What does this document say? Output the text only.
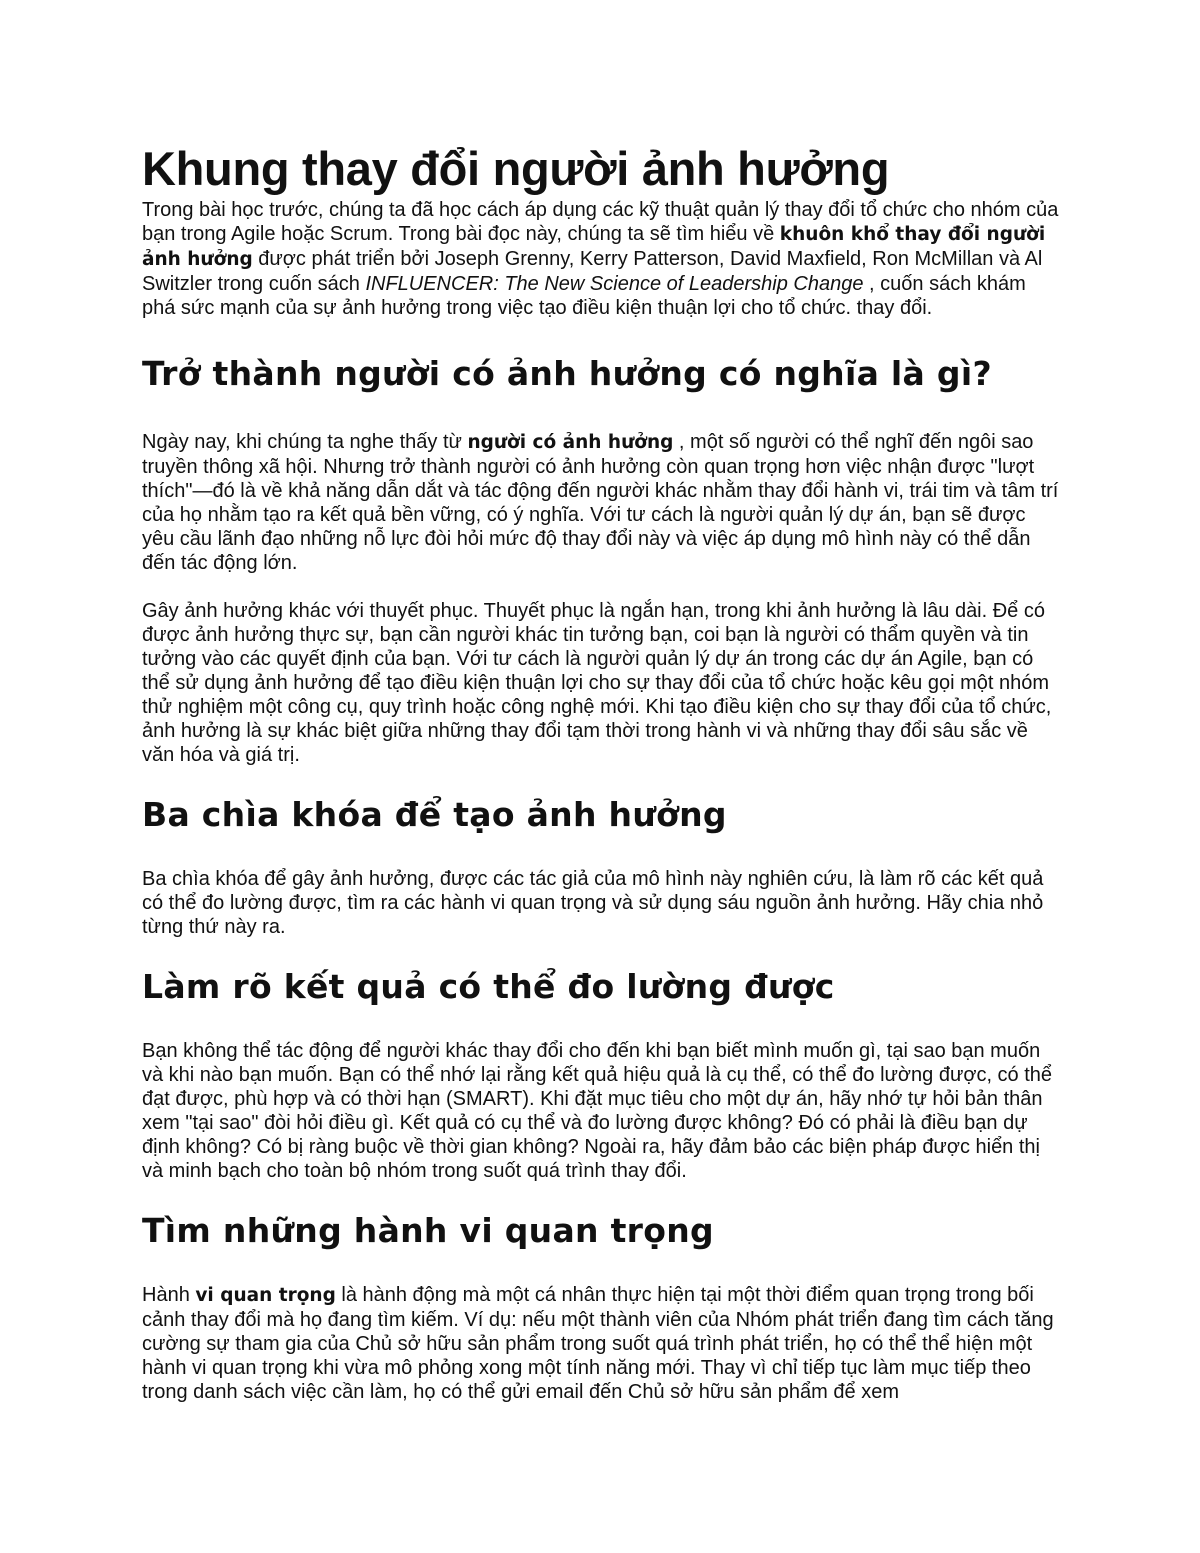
Khung thay đổi người ảnh hưởng

Trong bài học trước, chúng ta đã học cách áp dụng các kỹ thuật quản lý thay đổi tổ chức cho nhóm của bạn trong Agile hoặc Scrum. Trong bài đọc này, chúng ta sẽ tìm hiểu về khuôn khổ thay đổi người ảnh hưởng được phát triển bởi Joseph Grenny, Kerry Patterson, David Maxfield, Ron McMillan và Al Switzler trong cuốn sách INFLUENCER: The New Science of Leadership Change , cuốn sách khám phá sức mạnh của sự ảnh hưởng trong việc tạo điều kiện thuận lợi cho tổ chức. thay đổi.

Trở thành người có ảnh hưởng có nghĩa là gì?

Ngày nay, khi chúng ta nghe thấy từ người có ảnh hưởng , một số người có thể nghĩ đến ngôi sao truyền thông xã hội. Nhưng trở thành người có ảnh hưởng còn quan trọng hơn việc nhận được "lượt thích"—đó là về khả năng dẫn dắt và tác động đến người khác nhằm thay đổi hành vi, trái tim và tâm trí của họ nhằm tạo ra kết quả bền vững, có ý nghĩa. Với tư cách là người quản lý dự án, bạn sẽ được yêu cầu lãnh đạo những nỗ lực đòi hỏi mức độ thay đổi này và việc áp dụng mô hình này có thể dẫn đến tác động lớn.

Gây ảnh hưởng khác với thuyết phục. Thuyết phục là ngắn hạn, trong khi ảnh hưởng là lâu dài. Để có được ảnh hưởng thực sự, bạn cần người khác tin tưởng bạn, coi bạn là người có thẩm quyền và tin tưởng vào các quyết định của bạn. Với tư cách là người quản lý dự án trong các dự án Agile, bạn có thể sử dụng ảnh hưởng để tạo điều kiện thuận lợi cho sự thay đổi của tổ chức hoặc kêu gọi một nhóm thử nghiệm một công cụ, quy trình hoặc công nghệ mới. Khi tạo điều kiện cho sự thay đổi của tổ chức, ảnh hưởng là sự khác biệt giữa những thay đổi tạm thời trong hành vi và những thay đổi sâu sắc về văn hóa và giá trị.

Ba chìa khóa để tạo ảnh hưởng

Ba chìa khóa để gây ảnh hưởng, được các tác giả của mô hình này nghiên cứu, là làm rõ các kết quả có thể đo lường được, tìm ra các hành vi quan trọng và sử dụng sáu nguồn ảnh hưởng. Hãy chia nhỏ từng thứ này ra.

Làm rõ kết quả có thể đo lường được

Bạn không thể tác động để người khác thay đổi cho đến khi bạn biết mình muốn gì, tại sao bạn muốn và khi nào bạn muốn. Bạn có thể nhớ lại rằng kết quả hiệu quả là cụ thể, có thể đo lường được, có thể đạt được, phù hợp và có thời hạn (SMART). Khi đặt mục tiêu cho một dự án, hãy nhớ tự hỏi bản thân xem "tại sao" đòi hỏi điều gì. Kết quả có cụ thể và đo lường được không? Đó có phải là điều bạn dự định không? Có bị ràng buộc về thời gian không? Ngoài ra, hãy đảm bảo các biện pháp được hiển thị và minh bạch cho toàn bộ nhóm trong suốt quá trình thay đổi.

Tìm những hành vi quan trọng

Hành vi quan trọng là hành động mà một cá nhân thực hiện tại một thời điểm quan trọng trong bối cảnh thay đổi mà họ đang tìm kiếm. Ví dụ: nếu một thành viên của Nhóm phát triển đang tìm cách tăng cường sự tham gia của Chủ sở hữu sản phẩm trong suốt quá trình phát triển, họ có thể thể hiện một hành vi quan trọng khi vừa mô phỏng xong một tính năng mới. Thay vì chỉ tiếp tục làm mục tiếp theo trong danh sách việc cần làm, họ có thể gửi email đến Chủ sở hữu sản phẩm để xem
